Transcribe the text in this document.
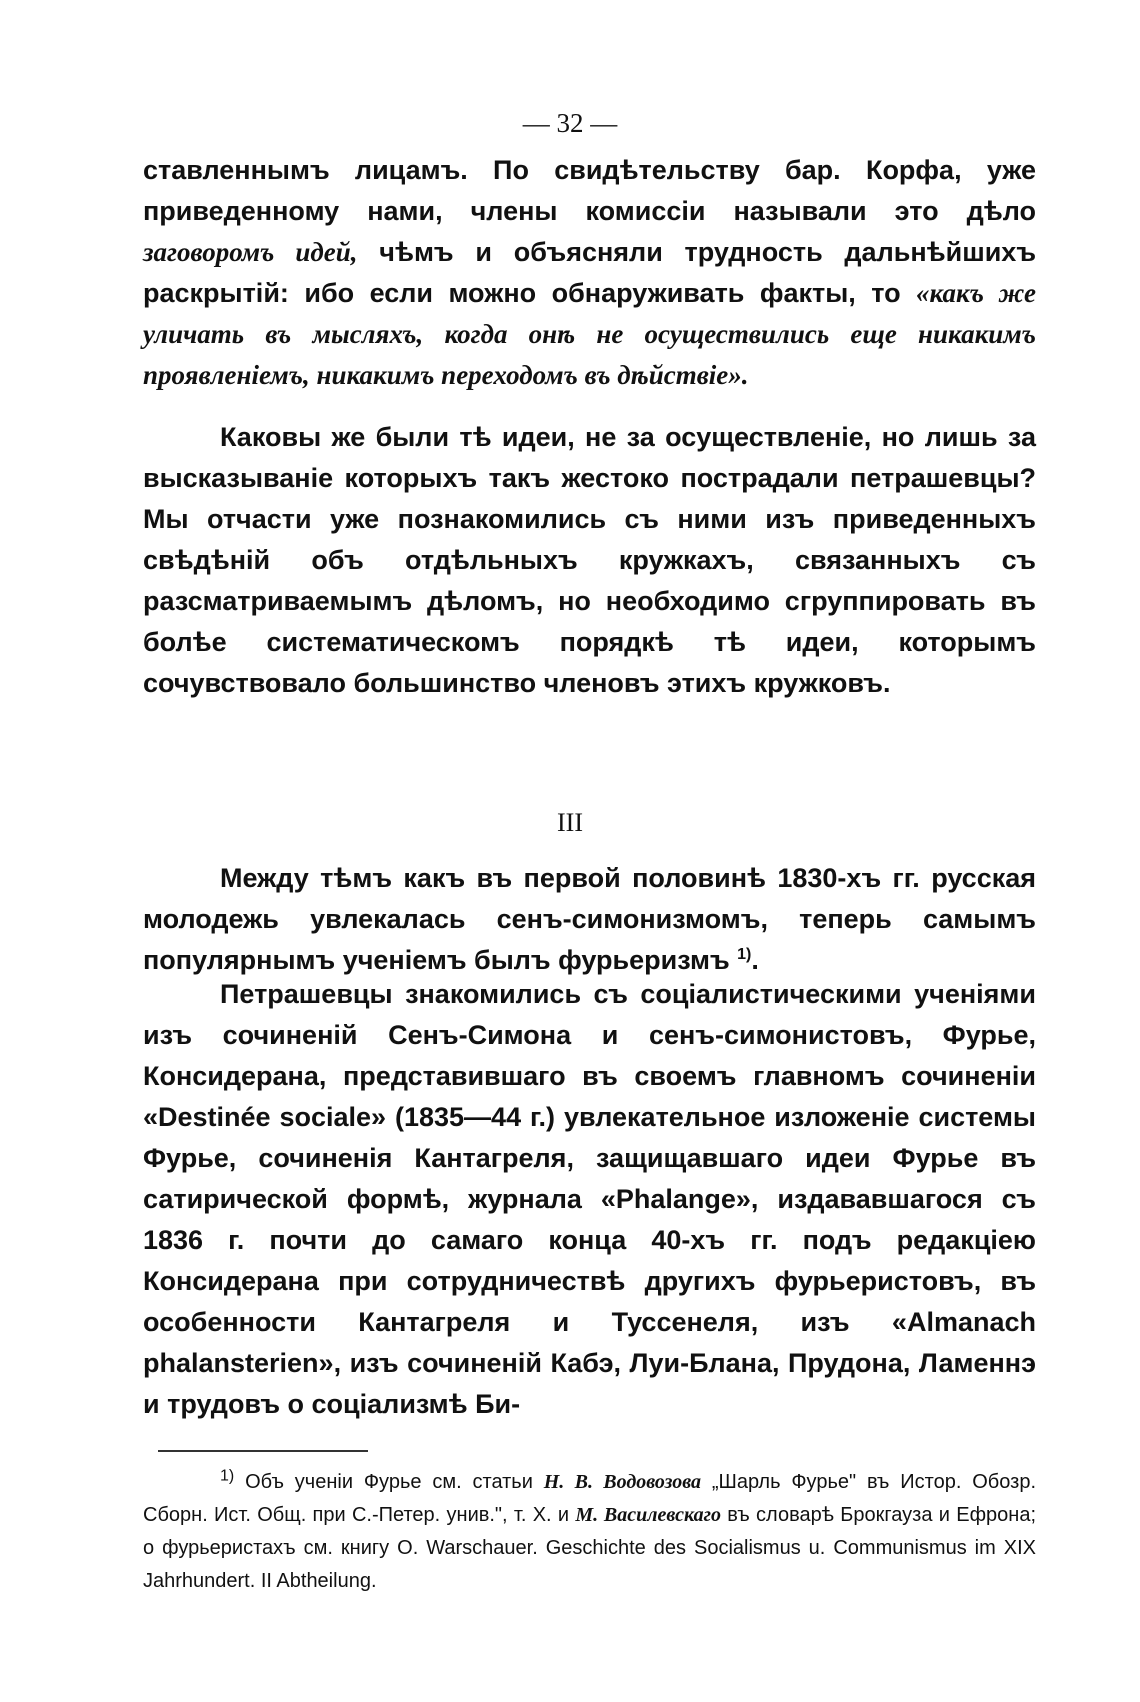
— 32 —

ставленнымъ лицамъ. По свидѣтельству бар. Корфа, уже приведенному нами, члены комиссіи называли это дѣло заговоромъ идей, чѣмъ и объясняли трудность дальнѣйшихъ раскрытій: ибо если можно обнаруживать факты, то «какъ же уличать въ мысляхъ, когда онѣ не осуществились еще никакимъ проявленіемъ, никакимъ переходомъ въ дѣйствіе».

Каковы же были тѣ идеи, не за осуществленіе, но лишь за высказываніе которыхъ такъ жестоко пострадали петрашевцы? Мы отчасти уже познакомились съ ними изъ приведенныхъ свѣдѣній объ отдѣльныхъ кружкахъ, связанныхъ съ разсматриваемымъ дѣломъ, но необходимо сгруппировать въ болѣе систематическомъ порядкѣ тѣ идеи, которымъ сочувствовало большинство членовъ этихъ кружковъ.

III

Между тѣмъ какъ въ первой половинѣ 1830-хъ гг. русская молодежь увлекалась сенъ-симонизмомъ, теперь самымъ популярнымъ ученіемъ былъ фурьеризмъ $^{1)}$.

Петрашевцы знакомились съ соціалистическими ученіями изъ сочиненій Сенъ-Симона и сенъ-симонистовъ, Фурье, Консидерана, представившаго въ своемъ главномъ сочиненіи «Destinée sociale» (1835—44 г.) увлекательное изложеніе системы Фурье, сочиненія Кантагреля, защищавшаго идеи Фурье въ сатирической формѣ, журнала «Phalange», издававшагося съ 1836 г. почти до самаго конца 40-хъ гг. подъ редакціею Консидерана при сотрудничествѣ другихъ фурьеристовъ, въ особенности Кантагреля и Туссенеля, изъ «Almanach phalansterien», изъ сочиненій Кабэ, Луи-Блана, Прудона, Ламеннэ и трудовъ о соціализмѣ Би-

$^{1)}$ Объ ученіи Фурье см. статьи Н. В. Водовозова „Шарль Фурье" въ Истор. Обозр. Сборн. Ист. Общ. при С.-Петер. унив.", т. X. и М. Василевскаго въ словарѣ Брокгауза и Ефрона; о фурьеристахъ см. книгу O. Warschauer. Geschichte des Socialismus u. Communismus im XIX Jahrhundert. II Abtheilung.
